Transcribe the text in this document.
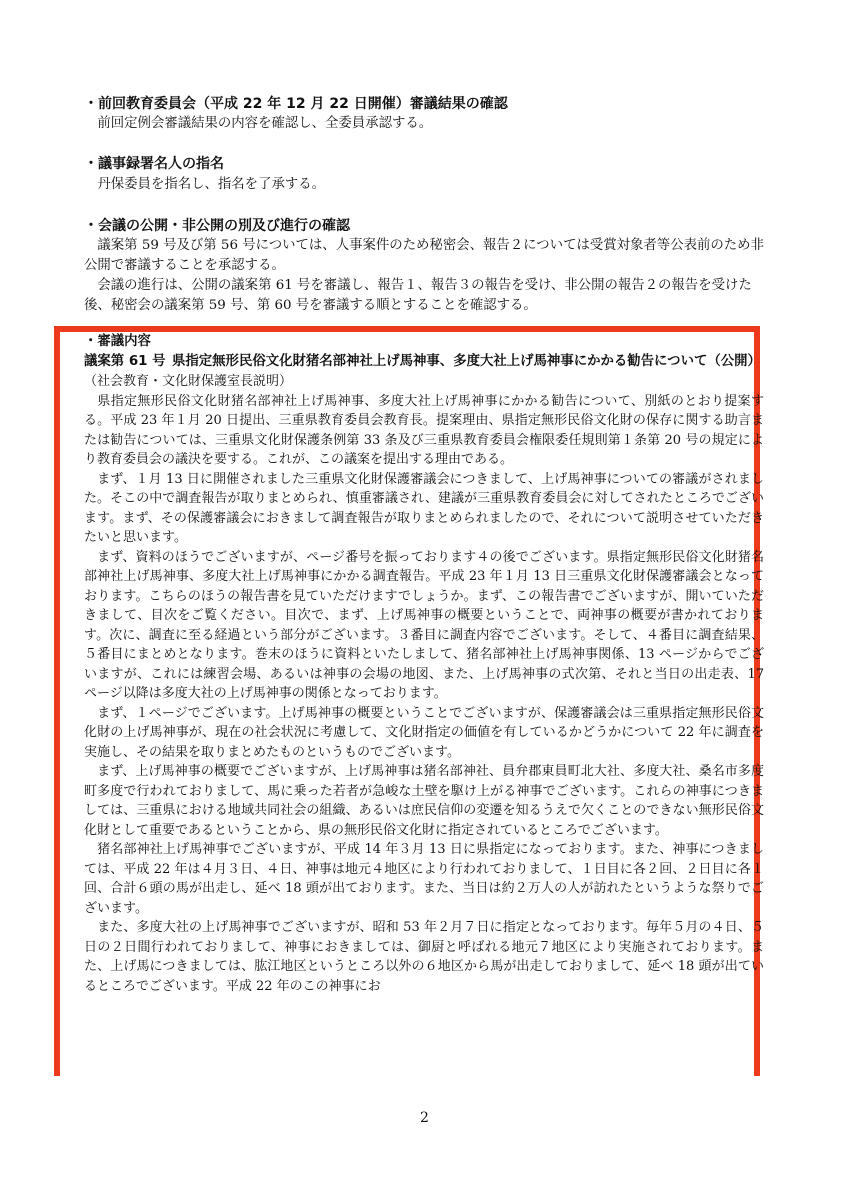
・前回教育委員会（平成 22 年 12 月 22 日開催）審議結果の確認
　前回定例会審議結果の内容を確認し、全委員承認する。
・議事録署名人の指名
　丹保委員を指名し、指名を了承する。
・会議の公開・非公開の別及び進行の確認
　議案第 59 号及び第 56 号については、人事案件のため秘密会、報告２については受賞対象者等公表前のため非公開で審議することを承認する。
　会議の進行は、公開の議案第 61 号を審議し、報告１、報告３の報告を受け、非公開の報告２の報告を受けた後、秘密会の議案第 59 号、第 60 号を審議する順とすることを確認する。
・審議内容
議案第 61 号 県指定無形民俗文化財猪名部神社上げ馬神事、多度大社上げ馬神事にかかる勧告について（公開）
（社会教育・文化財保護室長説明）
　県指定無形民俗文化財猪名部神社上げ馬神事、多度大社上げ馬神事にかかる勧告について、別紙のとおり提案する。平成 23 年１月 20 日提出、三重県教育委員会教育長。提案理由、県指定無形民俗文化財の保存に関する助言または勧告については、三重県文化財保護条例第 33 条及び三重県教育委員会権限委任規則第１条第 20 号の規定により教育委員会の議決を要する。これが、この議案を提出する理由である。
　まず、１月 13 日に開催されました三重県文化財保護審議会につきまして、上げ馬神事についての審議がされました。そこの中で調査報告が取りまとめられ、慎重審議され、建議が三重県教育委員会に対してされたところでございます。まず、その保護審議会におきまして調査報告が取りまとめられましたので、それについて説明させていただきたいと思います。
　まず、資料のほうでございますが、ページ番号を振っております４の後でございます。県指定無形民俗文化財猪名部神社上げ馬神事、多度大社上げ馬神事にかかる調査報告。平成 23 年１月 13 日三重県文化財保護審議会となっております。こちらのほうの報告書を見ていただけますでしょうか。まず、この報告書でございますが、開いていただきまして、目次をご覧ください。目次で、まず、上げ馬神事の概要ということで、両神事の概要が書かれております。次に、調査に至る経過という部分がございます。３番目に調査内容でございます。そして、４番目に調査結果、５番目にまとめとなります。巻末のほうに資料といたしまして、猪名部神社上げ馬神事関係、13 ページからでございますが、これには練習会場、あるいは神事の会場の地図、また、上げ馬神事の式次第、それと当日の出走表、17 ページ以降は多度大社の上げ馬神事の関係となっております。
　まず、１ページでございます。上げ馬神事の概要ということでございますが、保護審議会は三重県指定無形民俗文化財の上げ馬神事が、現在の社会状況に考慮して、文化財指定の価値を有しているかどうかについて 22 年に調査を実施し、その結果を取りまとめたものというものでございます。
　まず、上げ馬神事の概要でございますが、上げ馬神事は猪名部神社、員弁郡東員町北大社、多度大社、桑名市多度町多度で行われておりまして、馬に乗った若者が急峻な土壁を駆け上がる神事でございます。これらの神事につきましては、三重県における地域共同社会の組織、あるいは庶民信仰の変遷を知るうえで欠くことのできない無形民俗文化財として重要であるということから、県の無形民俗文化財に指定されているところでございます。
　猪名部神社上げ馬神事でございますが、平成 14 年３月 13 日に県指定になっております。また、神事につきましては、平成 22 年は４月３日、４日、神事は地元４地区により行われておりまして、１日目に各２回、２日目に各１回、合計６頭の馬が出走し、延べ 18 頭が出ております。また、当日は約２万人の人が訪れたというような祭りでございます。
　また、多度大社の上げ馬神事でございますが、昭和 53 年２月７日に指定となっております。毎年５月の４日、５日の２日間行われておりまして、神事におきましては、御厨と呼ばれる地元７地区により実施されております。また、上げ馬につきましては、肱江地区というところ以外の６地区から馬が出走しておりまして、延べ 18 頭が出ているところでございます。平成 22 年のこの神事にお
2
